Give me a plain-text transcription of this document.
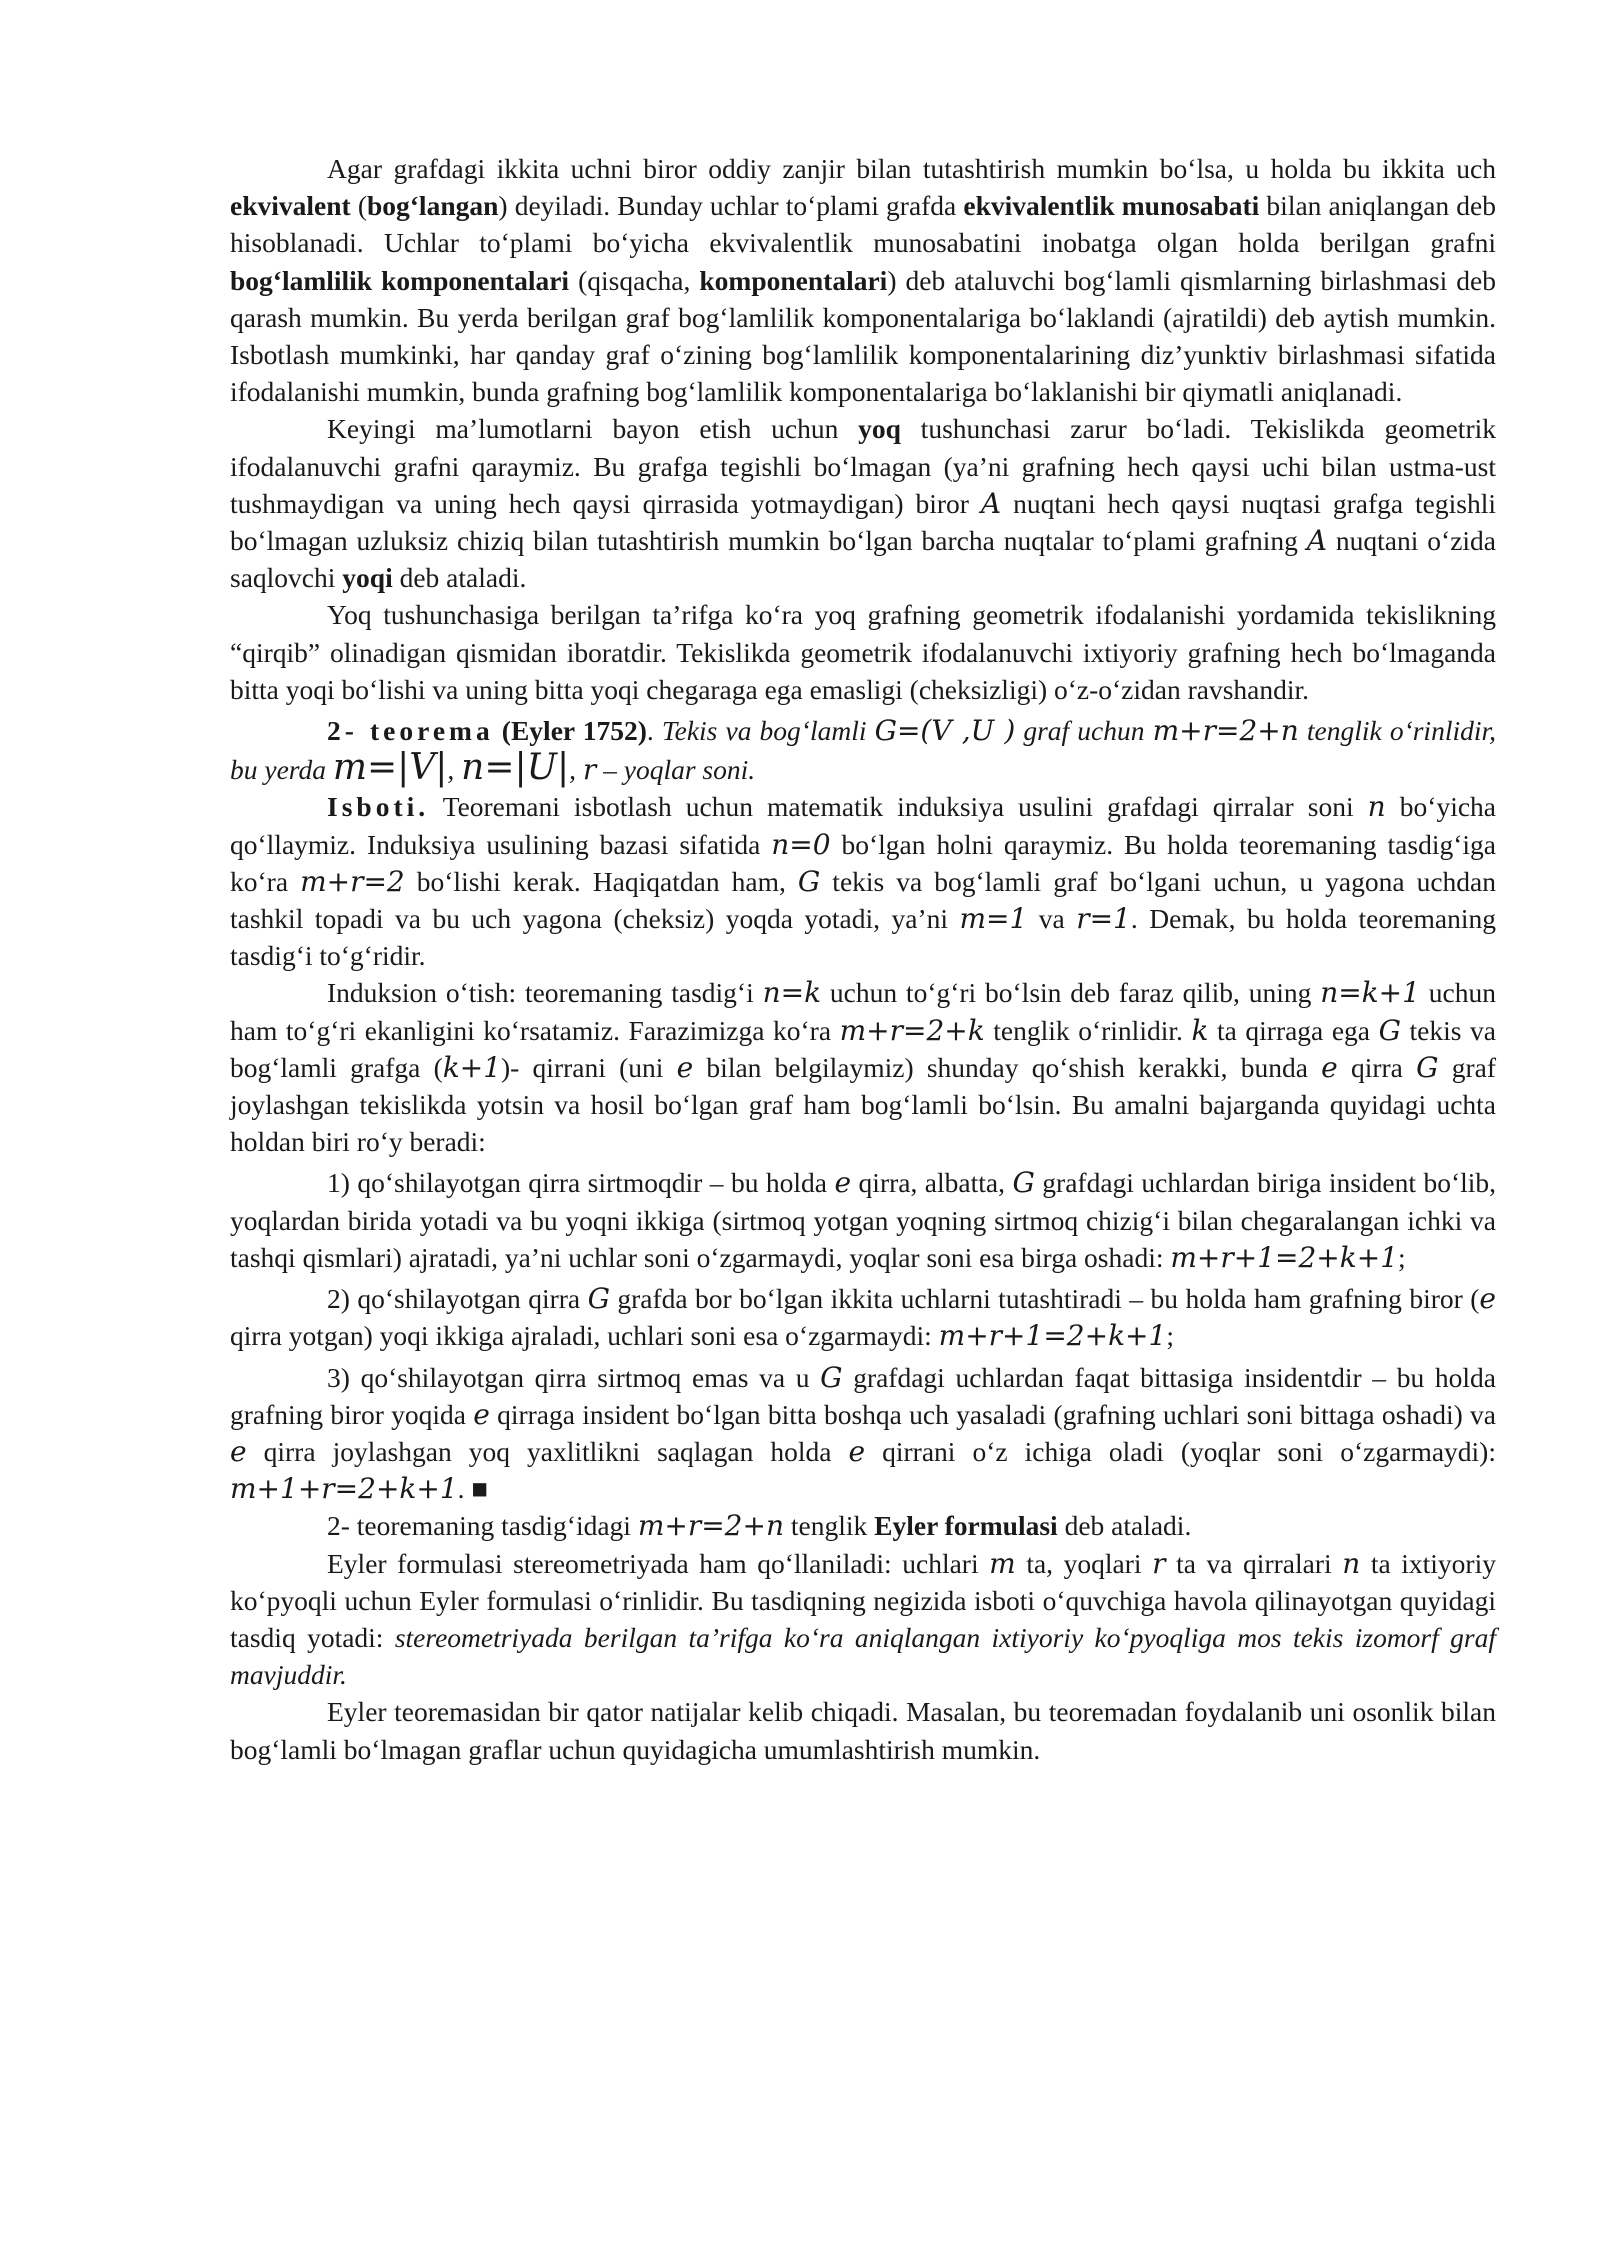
Agar grafdagi ikkita uchni biror oddiy zanjir bilan tutashtirish mumkin bo‘lsa, u holda bu ikkita uch ekvivalent (bog‘langan) deyiladi. Bunday uchlar to‘plami grafda ekvivalentlik munosabati bilan aniqlangan deb hisoblanadi. Uchlar to‘plami bo‘yicha ekvivalentlik munosabatini inobatga olgan holda berilgan grafni bog‘lamlilik komponentalari (qisqacha, komponentalari) deb ataluvchi bog‘lamli qismlarning birlashmasi deb qarash mumkin. Bu yerda berilgan graf bog‘lamlilik komponentalariga bo‘laklandi (ajratildi) deb aytish mumkin. Isbotlash mumkinki, har qanday graf o‘zining bog‘lamlilik komponentalarining diz’yunktiv birlashmasi sifatida ifodalanishi mumkin, bunda grafning bog‘lamlilik komponentalariga bo‘laklanishi bir qiymatli aniqlanadi.

Keyingi ma’lumotlarni bayon etish uchun yoq tushunchasi zarur bo‘ladi. Tekislikda geometrik ifodalanuvchi grafni qaraymiz. Bu grafga tegishli bo‘lmagan (ya’ni grafning hech qaysi uchi bilan ustma-ust tushmaydigan va uning hech qaysi qirrasida yotmaydigan) biror A nuqtani hech qaysi nuqtasi grafga tegishli bo‘lmagan uzluksiz chiziq bilan tutashtirish mumkin bo‘lgan barcha nuqtalar to‘plami grafning A nuqtani o‘zida saqlovchi yoqi deb ataladi.

Yoq tushunchasiga berilgan ta’rifga ko‘ra yoq grafning geometrik ifodalanishi yordamida tekislikning “qirqib” olinadigan qismidan iboratdir. Tekislikda geometrik ifodalanuvchi ixtiyoriy grafning hech bo‘lmaganda bitta yoqi bo‘lishi va uning bitta yoqi chegaraga ega emasligi (cheksizligi) o‘z-o‘zidan ravshandir.

2- teorema (Eyler 1752). Tekis va bog‘lamli G=(V ,U ) graf uchun m+r=2+n tenglik o‘rinlidir, bu yerda m=|V|, n=|U|, r – yoqlar soni.

Isboti. Teoremani isbotlash uchun matematik induksiya usulini grafdagi qirralar soni n bo‘yicha qo‘llaymiz. Induksiya usulining bazasi sifatida n=0 bo‘lgan holni qaraymiz. Bu holda teoremaning tasdig‘iga ko‘ra m+r=2 bo‘lishi kerak. Haqiqatdan ham, G tekis va bog‘lamli graf bo‘lgani uchun, u yagona uchdan tashkil topadi va bu uch yagona (cheksiz) yoqda yotadi, ya’ni m=1 va r=1. Demak, bu holda teoremaning tasdig‘i to‘g‘ridir.

Induksion o‘tish: teoremaning tasdig‘i n=k uchun to‘g‘ri bo‘lsin deb faraz qilib, uning n=k+1 uchun ham to‘g‘ri ekanligini ko‘rsatamiz. Farazimizga ko‘ra m+r=2+k tenglik o‘rinlidir. k ta qirraga ega G tekis va bog‘lamli grafga (k+1)- qirrani (uni e bilan belgilaymiz) shunday qo‘shish kerakki, bunda e qirra G graf joylashgan tekislikda yotsin va hosil bo‘lgan graf ham bog‘lamli bo‘lsin. Bu amalni bajarganda quyidagi uchta holdan biri ro‘y beradi:

1) qo‘shilayotgan qirra sirtmoqdir – bu holda e qirra, albatta, G grafdagi uchlardan biriga insident bo‘lib, yoqlardan birida yotadi va bu yoqni ikkiga (sirtmoq yotgan yoqning sirtmoq chizig‘i bilan chegaralangan ichki va tashqi qismlari) ajratadi, ya’ni uchlar soni o‘zgarmaydi, yoqlar soni esa birga oshadi: m+r+1=2+k+1;

2) qo‘shilayotgan qirra G grafda bor bo‘lgan ikkita uchlarni tutashtiradi – bu holda ham grafning biror (e qirra yotgan) yoqi ikkiga ajraladi, uchlari soni esa o‘zgarmaydi: m+r+1=2+k+1;

3) qo‘shilayotgan qirra sirtmoq emas va u G grafdagi uchlardan faqat bittasiga insidentdir – bu holda grafning biror yoqida e qirraga insident bo‘lgan bitta boshqa uch yasaladi (grafning uchlari soni bittaga oshadi) va e qirra joylashgan yoq yaxlitlikni saqlagan holda e qirrani o‘z ichiga oladi (yoqlar soni o‘zgarmaydi): m+1+r=2+k+1. ■

2- teoremaning tasdig‘idagi m+r=2+n tenglik Eyler formulasi deb ataladi.

Eyler formulasi stereometriyada ham qo‘llaniladi: uchlari m ta, yoqlari r ta va qirralari n ta ixtiyoriy ko‘pyoqli uchun Eyler formulasi o‘rinlidir. Bu tasdiqning negizida isboti o‘quvchiga havola qilinayotgan quyidagi tasdiq yotadi: stereometriyada berilgan ta’rifga ko‘ra aniqlangan ixtiyoriy ko‘pyoqliga mos tekis izomorf graf mavjuddir.

Eyler teoremasidan bir qator natijalar kelib chiqadi. Masalan, bu teoremadan foydalanib uni osonlik bilan bog‘lamli bo‘lmagan graflar uchun quyidagicha umumlashtirish mumkin.
